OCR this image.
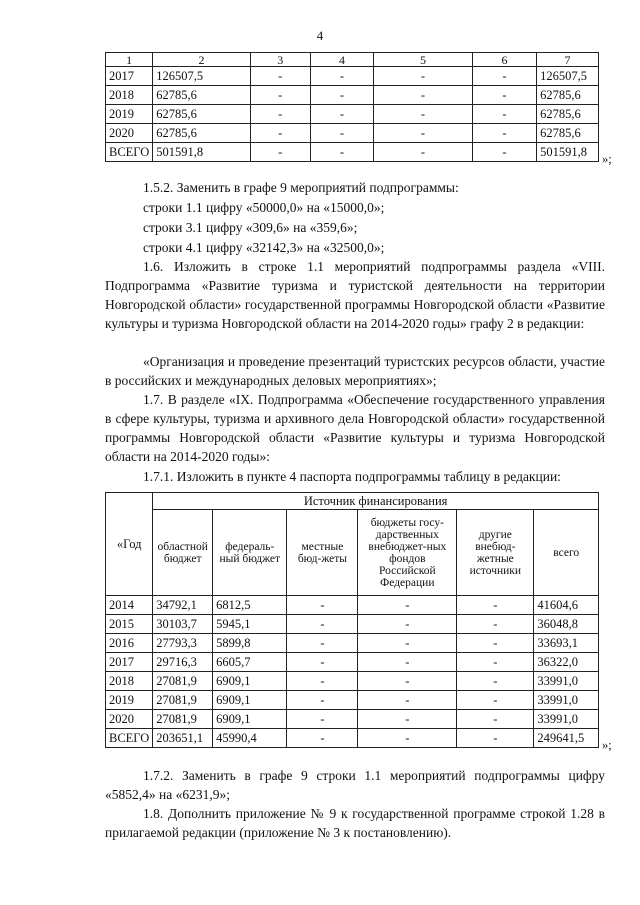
4
1	2	3	4	5	6	7
2017	126507,5	-	-	-	-	126507,5
2018	62785,6	-	-	-	-	62785,6
2019	62785,6	-	-	-	-	62785,6
2020	62785,6	-	-	-	-	62785,6
ВСЕГО	501591,8	-	-	-	-	501591,8
»;
1.5.2. Заменить в графе 9 мероприятий подпрограммы:
строки 1.1 цифру «50000,0» на «15000,0»;
строки 3.1 цифру «309,6» на «359,6»;
строки 4.1 цифру «32142,3» на «32500,0»;
1.6. Изложить в строке 1.1 мероприятий подпрограммы раздела «VIII. Подпрограмма «Развитие туризма и туристской деятельности на территории Новгородской области» государственной программы Новгородской области «Развитие культуры и туризма Новгородской области на 2014-2020 годы» графу 2 в редакции:
«Организация и проведение презентаций туристских ресурсов области, участие в российских и международных деловых мероприятиях»;
1.7. В разделе «IX. Подпрограмма «Обеспечение государственного управления в сфере культуры, туризма и архивного дела Новгородской области» государственной программы Новгородской области «Развитие культуры и туризма Новгородской области на 2014-2020 годы»:
1.7.1. Изложить в пункте 4 паспорта подпрограммы таблицу в редакции:
«Год	Источник финансирования					
	областной бюджет	федераль-ный бюджет	местные бюд-жеты	бюджеты госу-дарственных внебюджет-ных фондов Российской Федерации	другие внебюд-жетные источники	всего
2014	34792,1	6812,5	-	-	-	41604,6
2015	30103,7	5945,1	-	-	-	36048,8
2016	27793,3	5899,8	-	-	-	33693,1
2017	29716,3	6605,7	-	-	-	36322,0
2018	27081,9	6909,1	-	-	-	33991,0
2019	27081,9	6909,1	-	-	-	33991,0
2020	27081,9	6909,1	-	-	-	33991,0
ВСЕГО	203651,1	45990,4	-	-	-	249641,5
»;
1.7.2. Заменить в графе 9 строки 1.1 мероприятий подпрограммы цифру «5852,4» на «6231,9»;
1.8. Дополнить приложение № 9 к государственной программе строкой 1.28 в прилагаемой редакции (приложение № 3 к постановлению).
